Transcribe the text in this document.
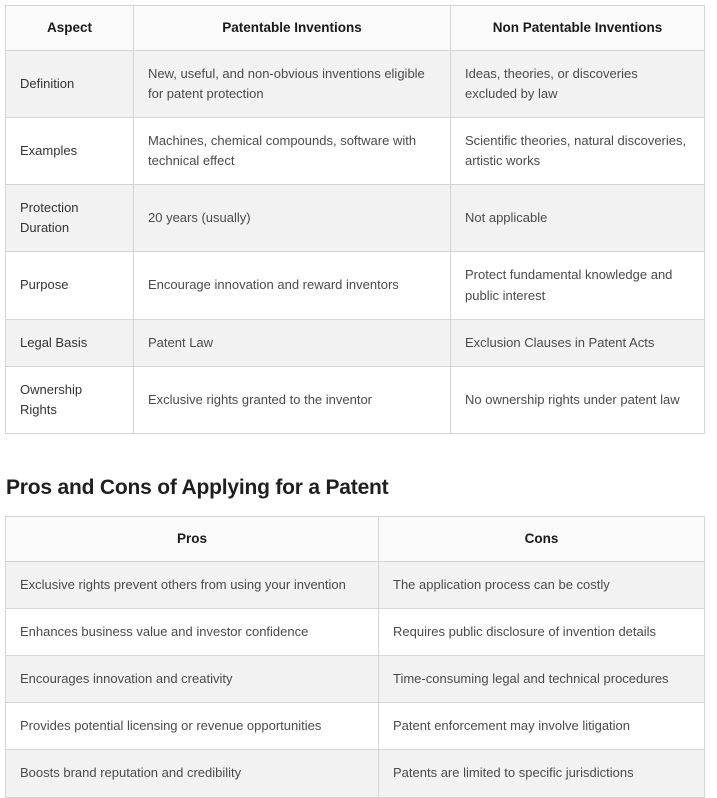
Aspect	Patentable Inventions	Non Patentable Inventions
Definition	New, useful, and non-obvious inventions eligible for patent protection	Ideas, theories, or discoveries excluded by law
Examples	Machines, chemical compounds, software with technical effect	Scientific theories, natural discoveries, artistic works
Protection Duration	20 years (usually)	Not applicable
Purpose	Encourage innovation and reward inventors	Protect fundamental knowledge and public interest
Legal Basis	Patent Law	Exclusion Clauses in Patent Acts
Ownership Rights	Exclusive rights granted to the inventor	No ownership rights under patent law
Pros and Cons of Applying for a Patent
Pros	Cons
Exclusive rights prevent others from using your invention	The application process can be costly
Enhances business value and investor confidence	Requires public disclosure of invention details
Encourages innovation and creativity	Time-consuming legal and technical procedures
Provides potential licensing or revenue opportunities	Patent enforcement may involve litigation
Boosts brand reputation and credibility	Patents are limited to specific jurisdictions
